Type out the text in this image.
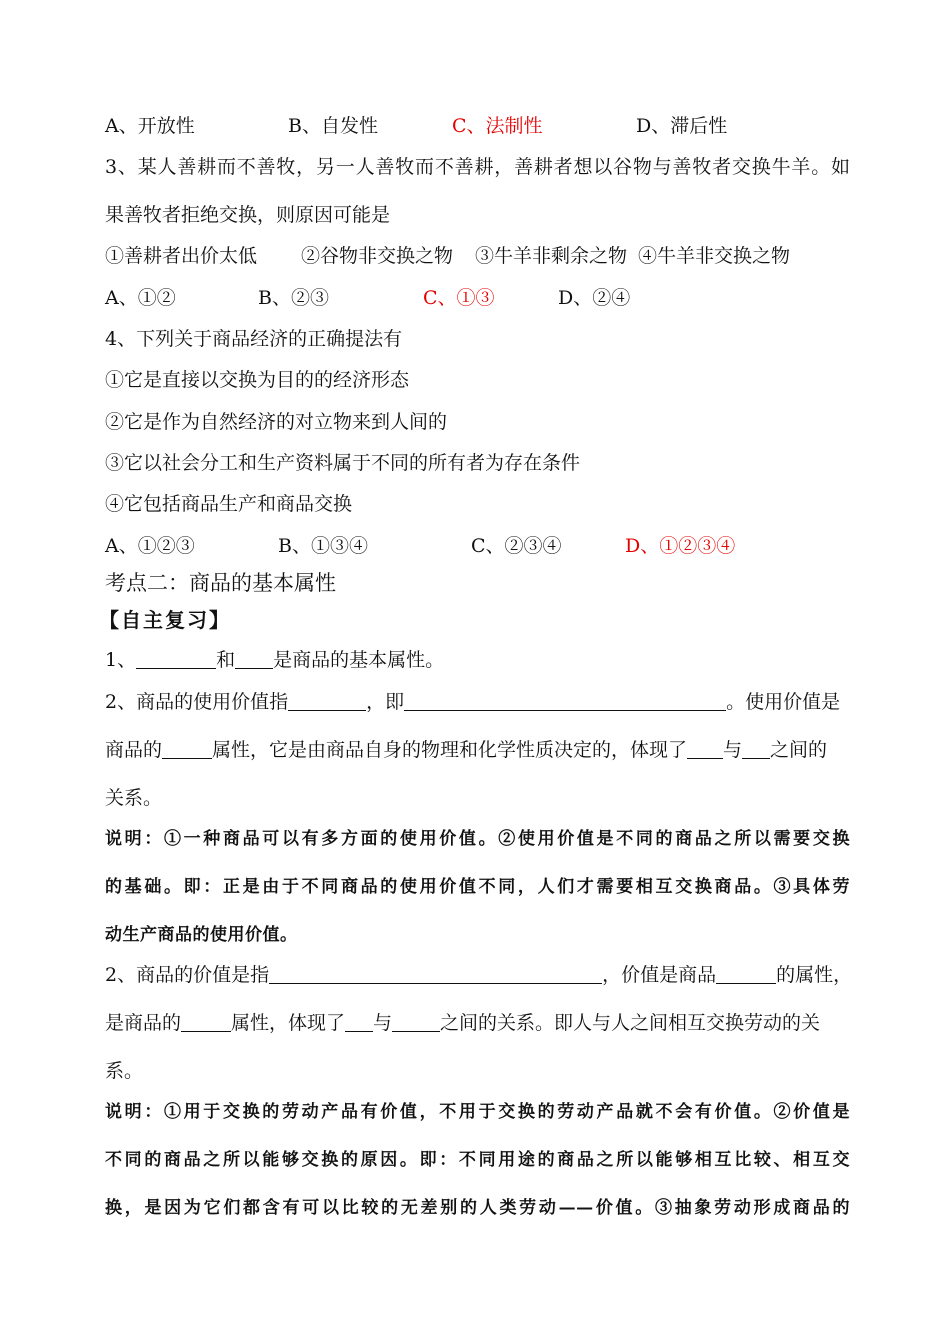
A、开放性	B、自发性	C、法制性	D、滞后性
3、某人善耕而不善牧，另一人善牧而不善耕，善耕者想以谷物与善牧者交换牛羊。如
果善牧者拒绝交换，则原因可能是
①善耕者出价太低 ②谷物非交换之物 ③牛羊非剩余之物 ④牛羊非交换之物
A、①②	B、②③	C、①③	D、②④
4、下列关于商品经济的正确提法有
①它是直接以交换为目的的经济形态
②它是作为自然经济的对立物来到人间的
③它以社会分工和生产资料属于不同的所有者为存在条件
④它包括商品生产和商品交换
A、①②③	B、①③④	C、②③④	D、①②③④
考点二：商品的基本属性
【自主复习】
1、	和 是商品的基本属性。
2、商品的使用价值指	，即	。使用价值是
商品的	属性，它是由商品自身的物理和化学性质决定的，体现了 与 之间的
关系。
说明：①一种商品可以有多方面的使用价值。②使用价值是不同的商品之所以需要交换
的基础。即：正是由于不同商品的使用价值不同，人们才需要相互交换商品。③具体劳
动生产商品的使用价值。
2、商品的价值是指	，价值是商品	的属性，
是商品的	属性，体现了 与	之间的关系。即人与人之间相互交换劳动的关
系。
说明：①用于交换的劳动产品有价值，不用于交换的劳动产品就不会有价值。②价值是
不同的商品之所以能够交换的原因。即：不同用途的商品之所以能够相互比较、相互交
换，是因为它们都含有可以比较的无差别的人类劳动——价值。③抽象劳动形成商品的
